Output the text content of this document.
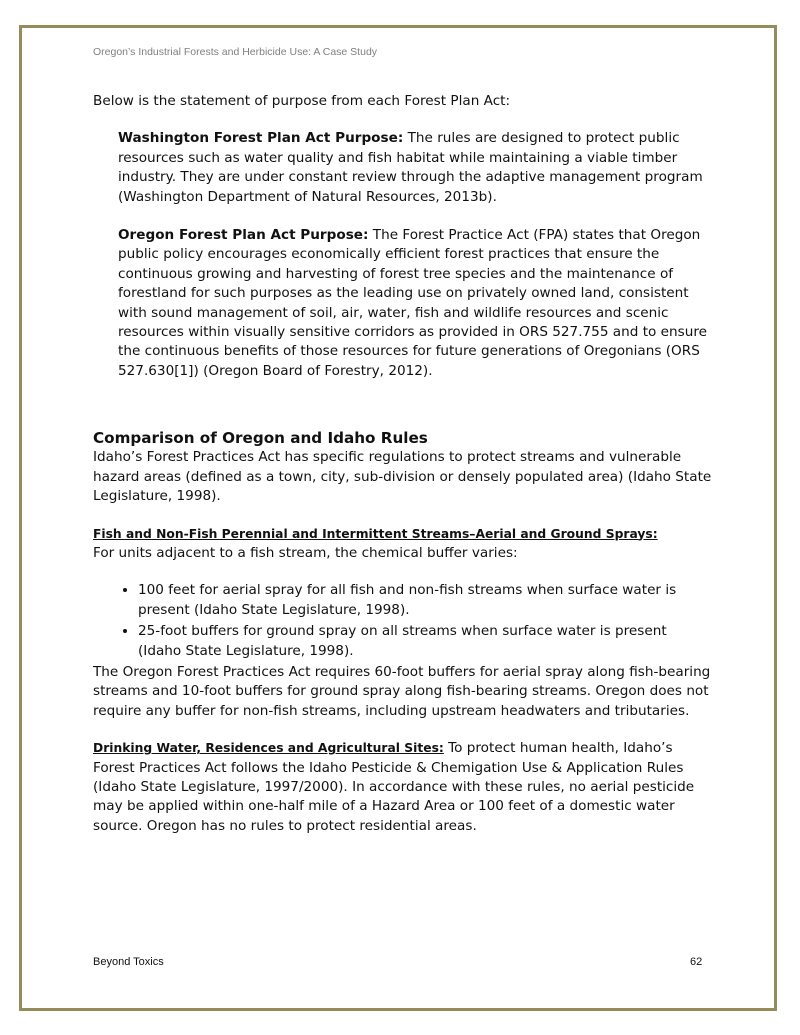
Oregon’s Industrial Forests and Herbicide Use: A Case Study

Below is the statement of purpose from each Forest Plan Act:

Washington Forest Plan Act Purpose: The rules are designed to protect public resources such as water quality and fish habitat while maintaining a viable timber industry. They are under constant review through the adaptive management program (Washington Department of Natural Resources, 2013b).

Oregon Forest Plan Act Purpose: The Forest Practice Act (FPA) states that Oregon public policy encourages economically efficient forest practices that ensure the continuous growing and harvesting of forest tree species and the maintenance of forestland for such purposes as the leading use on privately owned land, consistent with sound management of soil, air, water, fish and wildlife resources and scenic resources within visually sensitive corridors as provided in ORS 527.755 and to ensure the continuous benefits of those resources for future generations of Oregonians (ORS 527.630[1]) (Oregon Board of Forestry, 2012).

Comparison of Oregon and Idaho Rules

Idaho’s Forest Practices Act has specific regulations to protect streams and vulnerable hazard areas (defined as a town, city, sub-division or densely populated area) (Idaho State Legislature, 1998).

Fish and Non-Fish Perennial and Intermittent Streams–Aerial and Ground Sprays:

For units adjacent to a fish stream, the chemical buffer varies:

• 100 feet for aerial spray for all fish and non-fish streams when surface water is present (Idaho State Legislature, 1998).
• 25-foot buffers for ground spray on all streams when surface water is present (Idaho State Legislature, 1998).

The Oregon Forest Practices Act requires 60-foot buffers for aerial spray along fish-bearing streams and 10-foot buffers for ground spray along fish-bearing streams. Oregon does not require any buffer for non-fish streams, including upstream headwaters and tributaries.

Drinking Water, Residences and Agricultural Sites: To protect human health, Idaho’s Forest Practices Act follows the Idaho Pesticide & Chemigation Use & Application Rules (Idaho State Legislature, 1997/2000). In accordance with these rules, no aerial pesticide may be applied within one-half mile of a Hazard Area or 100 feet of a domestic water source. Oregon has no rules to protect residential areas.

Beyond Toxics	62
